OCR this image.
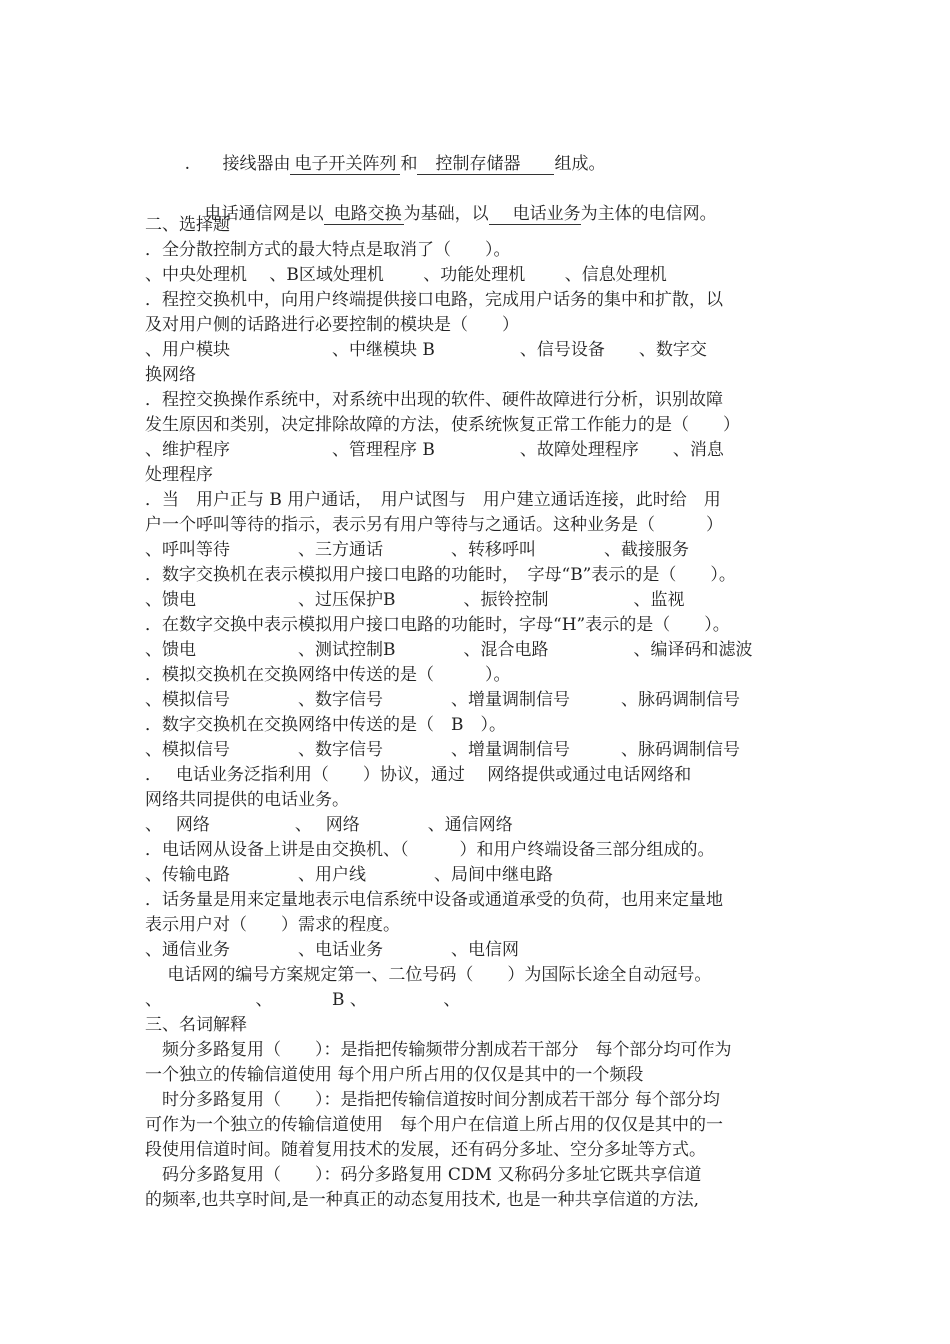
. 接线器由 电子开关阵列 和 控制存储器 组成。

电话通信网是以 电路交换 为基础，以 电话业务为主体的电信网。

二、选择题
．全分散控制方式的最大特点是取消了（　　）。
、中央处理机　 、B区域处理机　　 、功能处理机　　 、信息处理机
．程控交换机中，向用户终端提供接口电路，完成用户话务的集中和扩散，以
及对用户侧的话路进行必要控制的模块是（　　）
、用户模块　　　　　　、中继模块 B　　　　　、信号设备　　、数字交
换网络
．程控交换操作系统中，对系统中出现的软件、硬件故障进行分析，识别故障
发生原因和类别，决定排除故障的方法，使系统恢复正常工作能力的是（　　）
、维护程序　　　　　　、管理程序 B　　　　　、故障处理程序　　、消息
处理程序
．当　用户正与 B 用户通话，　用户试图与　用户建立通话连接，此时给　用
户一个呼叫等待的指示，表示另有用户等待与之通话。这种业务是（　　　）
、呼叫等待　　　　、三方通话　　　　、转移呼叫　　　　、截接服务
．数字交换机在表示模拟用户接口电路的功能时，　字母“B”表示的是（　　）。
、馈电　　　　　　、过压保护B　　　　、振铃控制　　　　　、监视
．在数字交换中表示模拟用户接口电路的功能时，字母“H”表示的是（　　）。
、馈电　　　　　　、测试控制B　　　　、混合电路　　　　　、编译码和滤波
．模拟交换机在交换网络中传送的是（　　　）。
、模拟信号　　　　、数字信号　　　　、增量调制信号　　　、脉码调制信号
．数字交换机在交换网络中传送的是（　B　）。
、模拟信号　　　　、数字信号　　　　、增量调制信号　　　、脉码调制信号
．　 电话业务泛指利用（　　）协议，通过　 网络提供或通过电话网络和
网络共同提供的电话业务。
、　 网络　　　　　、　 网络　　　　、通信网络
．电话网从设备上讲是由交换机、（　　　）和用户终端设备三部分组成的。
、传输电路　　　　、用户线　　　　、局间中继电路
．话务量是用来定量地表示电信系统中设备或通道承受的负荷，也用来定量地
表示用户对（　　）需求的程度。
、通信业务　　　　、电话业务　　　　、电信网
　 电话网的编号方案规定第一、二位号码（　　）为国际长途全自动冠号。
、　　　　　　、　　　　B 、　　　　　、
三、名词解释
　频分多路复用（　　）：是指把传输频带分割成若干部分　每个部分均可作为
一个独立的传输信道使用 每个用户所占用的仅仅是其中的一个频段
　时分多路复用（　　）：是指把传输信道按时间分割成若干部分 每个部分均
可作为一个独立的传输信道使用　每个用户在信道上所占用的仅仅是其中的一
段使用信道时间。随着复用技术的发展，还有码分多址、空分多址等方式。
　码分多路复用（　　）：码分多路复用 CDM 又称码分多址它既共享信道
的频率,也共享时间,是一种真正的动态复用技术, 也是一种共享信道的方法,
